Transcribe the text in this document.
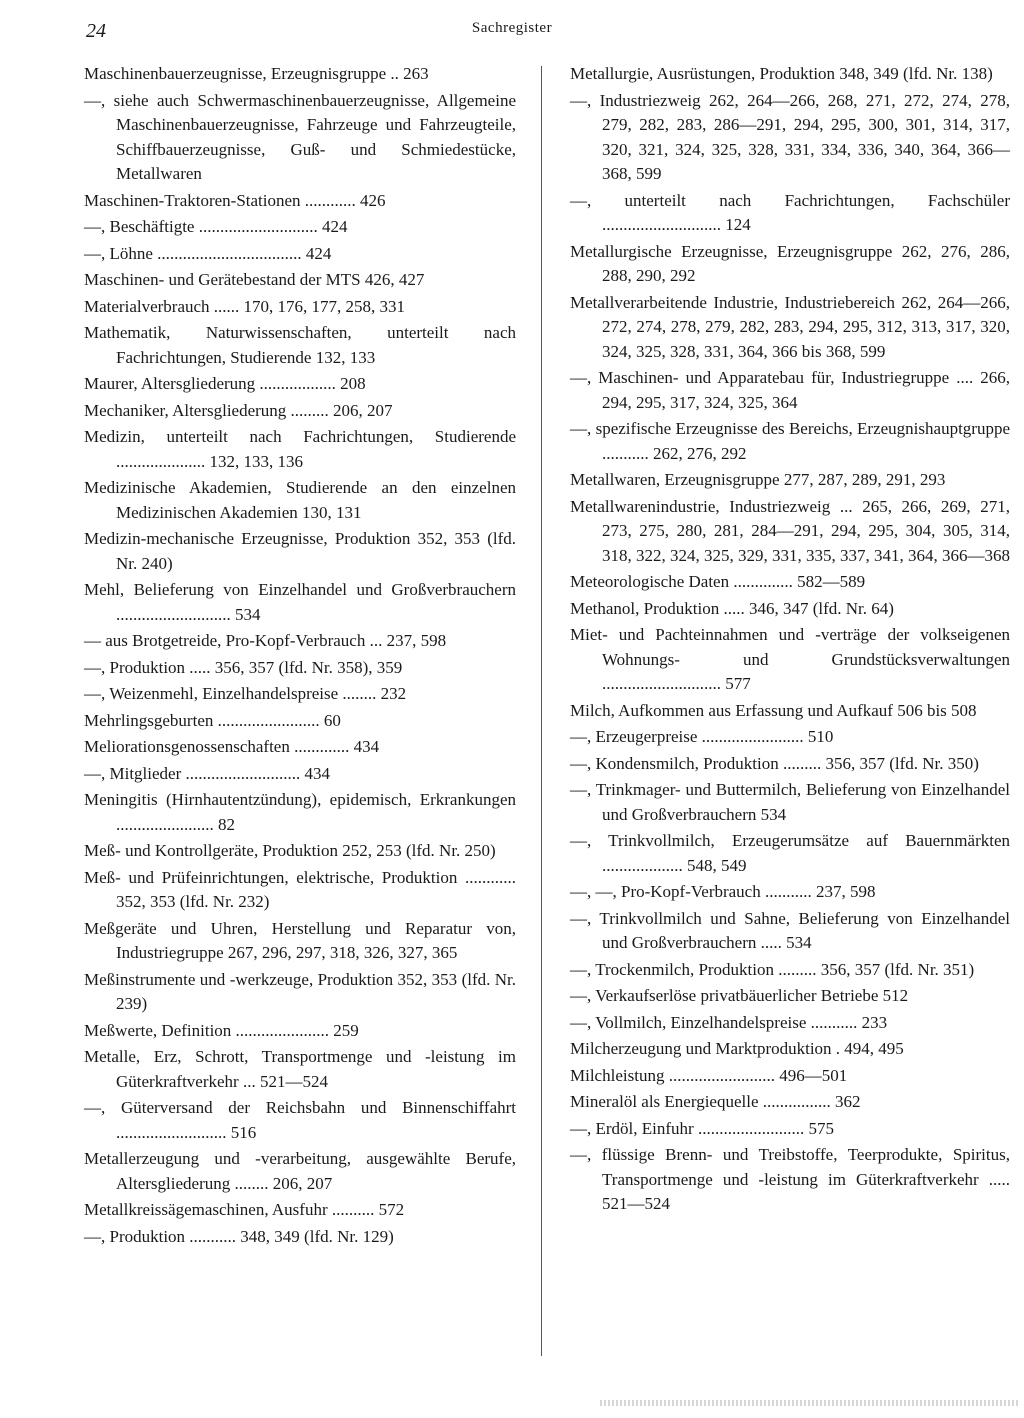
24	Sachregister
Maschinenbauerzeugnisse, Erzeugnisgruppe .. 263
—, siehe auch Schwermaschinenbauerzeugnisse, Allgemeine Maschinenbauerzeugnisse, Fahrzeuge und Fahrzeugteile, Schiffbauerzeugnisse, Guß- und Schmiedestücke, Metallwaren
Maschinen-Traktoren-Stationen ............ 426
—, Beschäftigte ............................ 424
—, Löhne .................................. 424
Maschinen- und Gerätebestand der MTS 426, 427
Materialverbrauch ...... 170, 176, 177, 258, 331
Mathematik, Naturwissenschaften, unterteilt nach Fachrichtungen, Studierende 132, 133
Maurer, Altersgliederung .................. 208
Mechaniker, Altersgliederung ......... 206, 207
Medizin, unterteilt nach Fachrichtungen, Studierende ..................... 132, 133, 136
Medizinische Akademien, Studierende an den einzelnen Medizinischen Akademien 130, 131
Medizin-mechanische Erzeugnisse, Produktion 352, 353 (lfd. Nr. 240)
Mehl, Belieferung von Einzelhandel und Großverbrauchern ........................... 534
— aus Brotgetreide, Pro-Kopf-Verbrauch ... 237, 598
—, Produktion ..... 356, 357 (lfd. Nr. 358), 359
—, Weizenmehl, Einzelhandelspreise ........ 232
Mehrlingsgeburten ........................ 60
Meliorationsgenossenschaften ............. 434
—, Mitglieder ........................... 434
Meningitis (Hirnhautentzündung), epidemisch, Erkrankungen ....................... 82
Meß- und Kontrollgeräte, Produktion 252, 253 (lfd. Nr. 250)
Meß- und Prüfeinrichtungen, elektrische, Produktion ............ 352, 353 (lfd. Nr. 232)
Meßgeräte und Uhren, Herstellung und Reparatur von, Industriegruppe 267, 296, 297, 318, 326, 327, 365
Meßinstrumente und -werkzeuge, Produktion 352, 353 (lfd. Nr. 239)
Meßwerte, Definition ...................... 259
Metalle, Erz, Schrott, Transportmenge und -leistung im Güterkraftverkehr ... 521—524
—, Güterversand der Reichsbahn und Binnenschiffahrt .......................... 516
Metallerzeugung und -verarbeitung, ausgewählte Berufe, Altersgliederung ........ 206, 207
Metallkreissägemaschinen, Ausfuhr .......... 572
—, Produktion ........... 348, 349 (lfd. Nr. 129)
Metallurgie, Ausrüstungen, Produktion 348, 349 (lfd. Nr. 138)
—, Industriezweig 262, 264—266, 268, 271, 272, 274, 278, 279, 282, 283, 286—291, 294, 295, 300, 301, 314, 317, 320, 321, 324, 325, 328, 331, 334, 336, 340, 364, 366—368, 599
—, unterteilt nach Fachrichtungen, Fachschüler ............................ 124
Metallurgische Erzeugnisse, Erzeugnisgruppe 262, 276, 286, 288, 290, 292
Metallverarbeitende Industrie, Industriebereich 262, 264—266, 272, 274, 278, 279, 282, 283, 294, 295, 312, 313, 317, 320, 324, 325, 328, 331, 364, 366 bis 368, 599
—, Maschinen- und Apparatebau für, Industriegruppe .... 266, 294, 295, 317, 324, 325, 364
—, spezifische Erzeugnisse des Bereichs, Erzeugnishauptgruppe ........... 262, 276, 292
Metallwaren, Erzeugnisgruppe 277, 287, 289, 291, 293
Metallwarenindustrie, Industriezweig ... 265, 266, 269, 271, 273, 275, 280, 281, 284—291, 294, 295, 304, 305, 314, 318, 322, 324, 325, 329, 331, 335, 337, 341, 364, 366—368
Meteorologische Daten .............. 582—589
Methanol, Produktion ..... 346, 347 (lfd. Nr. 64)
Miet- und Pachteinnahmen und -verträge der volkseigenen Wohnungs- und Grundstücksverwaltungen ............................ 577
Milch, Aufkommen aus Erfassung und Aufkauf 506 bis 508
—, Erzeugerpreise ........................ 510
—, Kondensmilch, Produktion ......... 356, 357 (lfd. Nr. 350)
—, Trinkmager- und Buttermilch, Belieferung von Einzelhandel und Großverbrauchern 534
—, Trinkvollmilch, Erzeugerumsätze auf Bauernmärkten ................... 548, 549
—, —, Pro-Kopf-Verbrauch ........... 237, 598
—, Trinkvollmilch und Sahne, Belieferung von Einzelhandel und Großverbrauchern ..... 534
—, Trockenmilch, Produktion ......... 356, 357 (lfd. Nr. 351)
—, Verkaufserlöse privatbäuerlicher Betriebe 512
—, Vollmilch, Einzelhandelspreise ........... 233
Milcherzeugung und Marktproduktion . 494, 495
Milchleistung ......................... 496—501
Mineralöl als Energiequelle ................ 362
—, Erdöl, Einfuhr ......................... 575
—, flüssige Brenn- und Treibstoffe, Teerprodukte, Spiritus, Transportmenge und -leistung im Güterkraftverkehr ..... 521—524
